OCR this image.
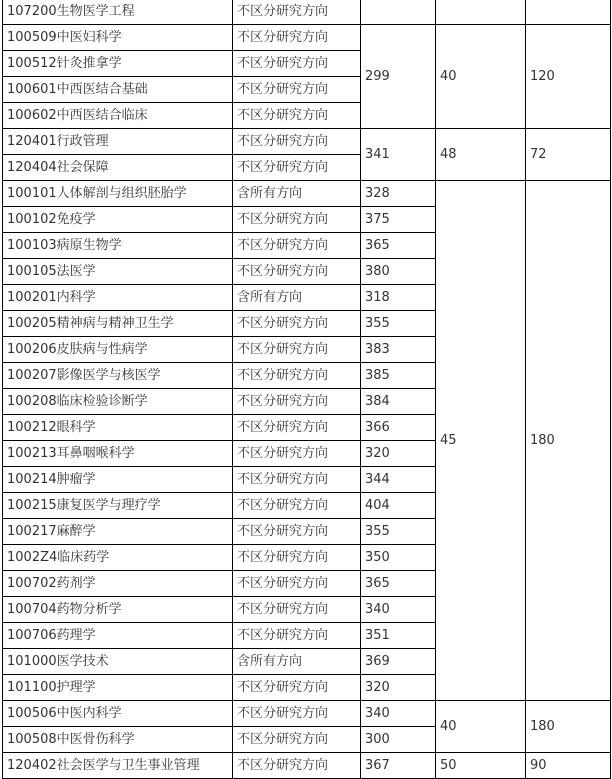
107200生物医学工程	不区分研究方向			
100509中医妇科学	不区分研究方向	299	40	120
100512针灸推拿学	不区分研究方向			
100601中西医结合基础	不区分研究方向			
100602中西医结合临床	不区分研究方向			
120401行政管理	不区分研究方向	341	48	72
120404社会保障	不区分研究方向			
100101人体解剖与组织胚胎学	含所有方向	328	45	180
100102免疫学	不区分研究方向	375		
100103病原生物学	不区分研究方向	365		
100105法医学	不区分研究方向	380		
100201内科学	含所有方向	318		
100205精神病与精神卫生学	不区分研究方向	355		
100206皮肤病与性病学	不区分研究方向	383		
100207影像医学与核医学	不区分研究方向	385		
100208临床检验诊断学	不区分研究方向	384		
100212眼科学	不区分研究方向	366		
100213耳鼻咽喉科学	不区分研究方向	320		
100214肿瘤学	不区分研究方向	344		
100215康复医学与理疗学	不区分研究方向	404		
100217麻醉学	不区分研究方向	355		
1002Z4临床药学	不区分研究方向	350		
100702药剂学	不区分研究方向	365		
100704药物分析学	不区分研究方向	340		
100706药理学	不区分研究方向	351		
101000医学技术	含所有方向	369		
101100护理学	不区分研究方向	320		
100506中医内科学	不区分研究方向	340	40	180
100508中医骨伤科学	不区分研究方向	300		
120402社会医学与卫生事业管理	不区分研究方向	367	50	90
